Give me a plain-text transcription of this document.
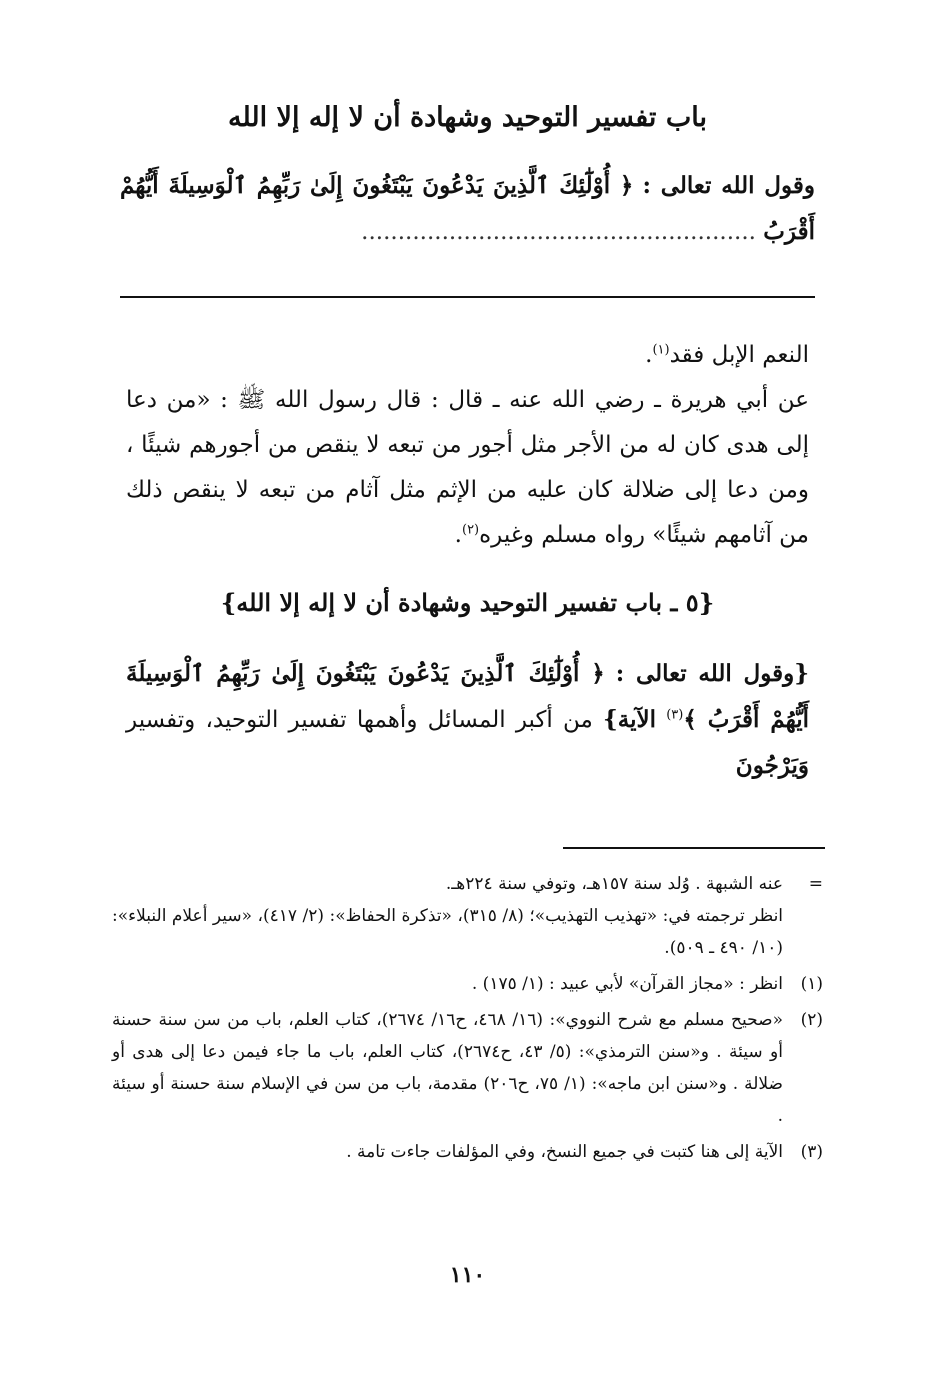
باب تفسير التوحيد وشهادة أن لا إله إلا الله
وقول الله تعالى : ﴿ أُوْلَٰٓئِكَ ٱلَّذِينَ يَدْعُونَ يَبْتَغُونَ إِلَىٰ رَبِّهِمُ ٱلْوَسِيلَةَ أَيُّهُمْ أَقْرَبُ ......................................................

النعم الإبل فقد$^{(١)}$.

عن أبي هريرة ـ رضي الله عنه ـ قال : قال رسول الله ﷺ : «من دعا إلى هدى كان له من الأجر مثل أجور من تبعه لا ينقص من أجورهم شيئًا ، ومن دعا إلى ضلالة كان عليه من الإثم مثل آثام من تبعه لا ينقص ذلك من آثامهم شيئًا» رواه مسلم وغيره$^{(٢)}$.

{٥ ـ باب تفسير التوحيد وشهادة أن لا إله إلا الله}

{وقول الله تعالى : ﴿ أُوْلَٰٓئِكَ ٱلَّذِينَ يَدْعُونَ يَبْتَغُونَ إِلَىٰ رَبِّهِمُ ٱلْوَسِيلَةَ أَيُّهُمْ أَقْرَبُ ﴾$^{(٣)}$ الآية} من أكبر المسائل وأهمها تفسير التوحيد، وتفسير وَيَرْجُونَ

=
عنه الشبهة . وُلد سنة ١٥٧هـ، وتوفي سنة ٢٢٤هـ.
انظر ترجمته في: «تهذيب التهذيب»؛ (٨/ ٣١٥)، «تذكرة الحفاظ»: (٢/ ٤١٧)، «سير أعلام النبلاء»: (١٠/ ٤٩٠ ـ ٥٠٩).
(١)
انظر : «مجاز القرآن» لأبي عبيد : (١/ ١٧٥) .
(٢)
«صحيح مسلم مع شرح النووي»: (١٦/ ٤٦٨، ح١٦/ ٢٦٧٤)، كتاب العلم، باب من سن سنة حسنة أو سيئة . و«سنن الترمذي»: (٥/ ٤٣، ح٢٦٧٤)، كتاب العلم، باب ما جاء فيمن دعا إلى هدى أو ضلالة . و«سنن ابن ماجه»: (١/ ٧٥، ح٢٠٦) مقدمة، باب من سن في الإسلام سنة حسنة أو سيئة .
(٣)
الآية إلى هنا كتبت في جميع النسخ، وفي المؤلفات جاءت تامة .
١١٠
